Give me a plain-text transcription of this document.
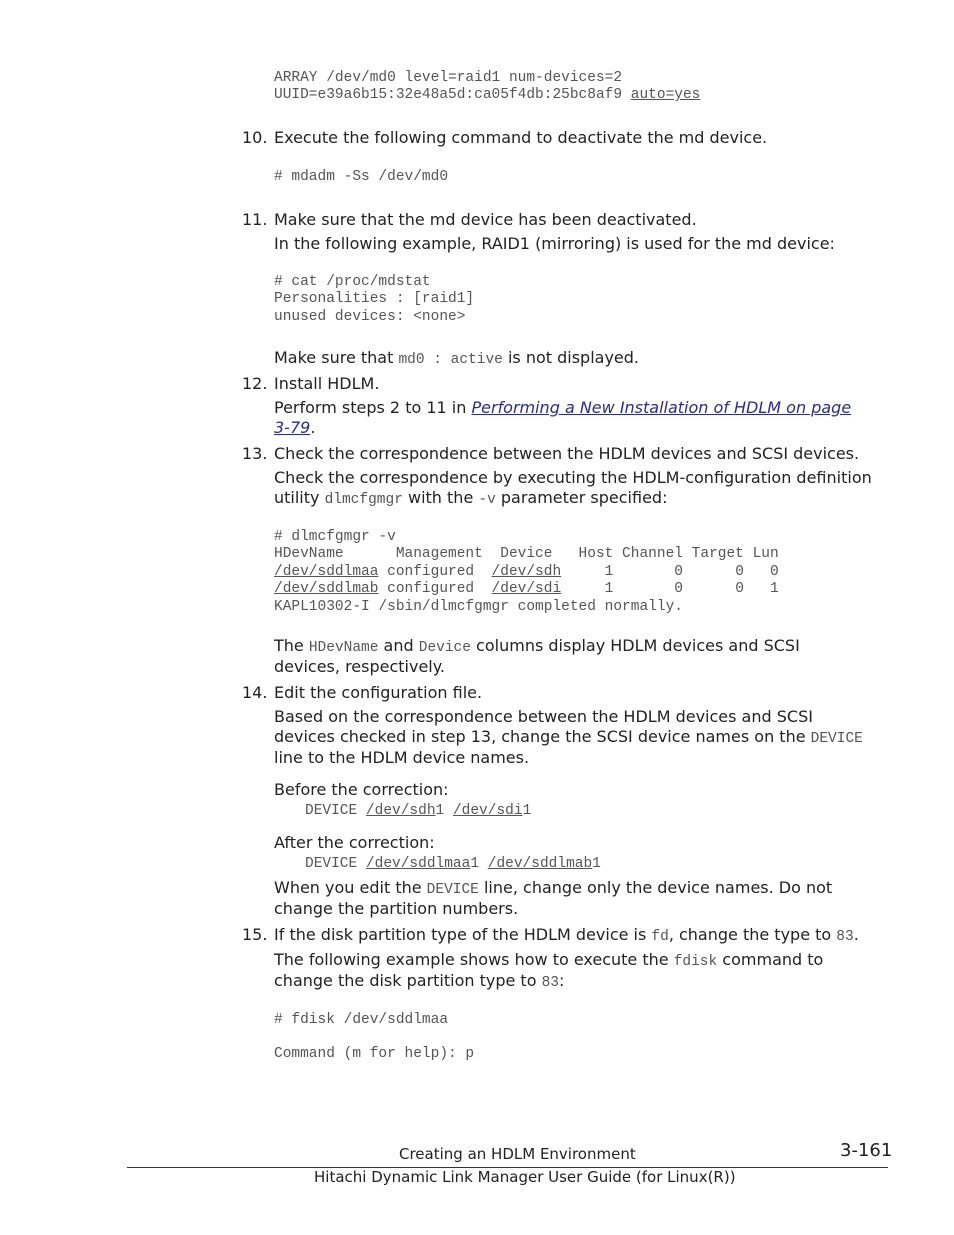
ARRAY /dev/md0 level=raid1 num-devices=2
UUID=e39a6b15:32e48a5d:ca05f4db:25bc8af9 auto=yes
10. Execute the following command to deactivate the md device.
# mdadm -Ss /dev/md0
11. Make sure that the md device has been deactivated.
In the following example, RAID1 (mirroring) is used for the md device:
# cat /proc/mdstat
Personalities : [raid1]
unused devices: <none>
Make sure that md0 : active is not displayed.
12. Install HDLM.
Perform steps 2 to 11 in Performing a New Installation of HDLM on page
3-79.
13. Check the correspondence between the HDLM devices and SCSI devices.
Check the correspondence by executing the HDLM-configuration definition
utility dlmcfgmgr with the -v parameter specified:
# dlmcfgmgr -v
HDevName      Management  Device   Host Channel Target Lun
/dev/sddlmaa configured  /dev/sdh     1       0      0   0
/dev/sddlmab configured  /dev/sdi     1       0      0   1
KAPL10302-I /sbin/dlmcfgmgr completed normally.
The HDevName and Device columns display HDLM devices and SCSI
devices, respectively.
14. Edit the configuration file.
Based on the correspondence between the HDLM devices and SCSI
devices checked in step 13, change the SCSI device names on the DEVICE
line to the HDLM device names.
Before the correction:
DEVICE /dev/sdh1 /dev/sdi1
After the correction:
DEVICE /dev/sddlmaa1 /dev/sddlmab1
When you edit the DEVICE line, change only the device names. Do not
change the partition numbers.
15. If the disk partition type of the HDLM device is fd, change the type to 83.
The following example shows how to execute the fdisk command to
change the disk partition type to 83:
# fdisk /dev/sddlmaa
Command (m for help): p
Creating an HDLM Environment	3-161
Hitachi Dynamic Link Manager User Guide (for Linux(R))
